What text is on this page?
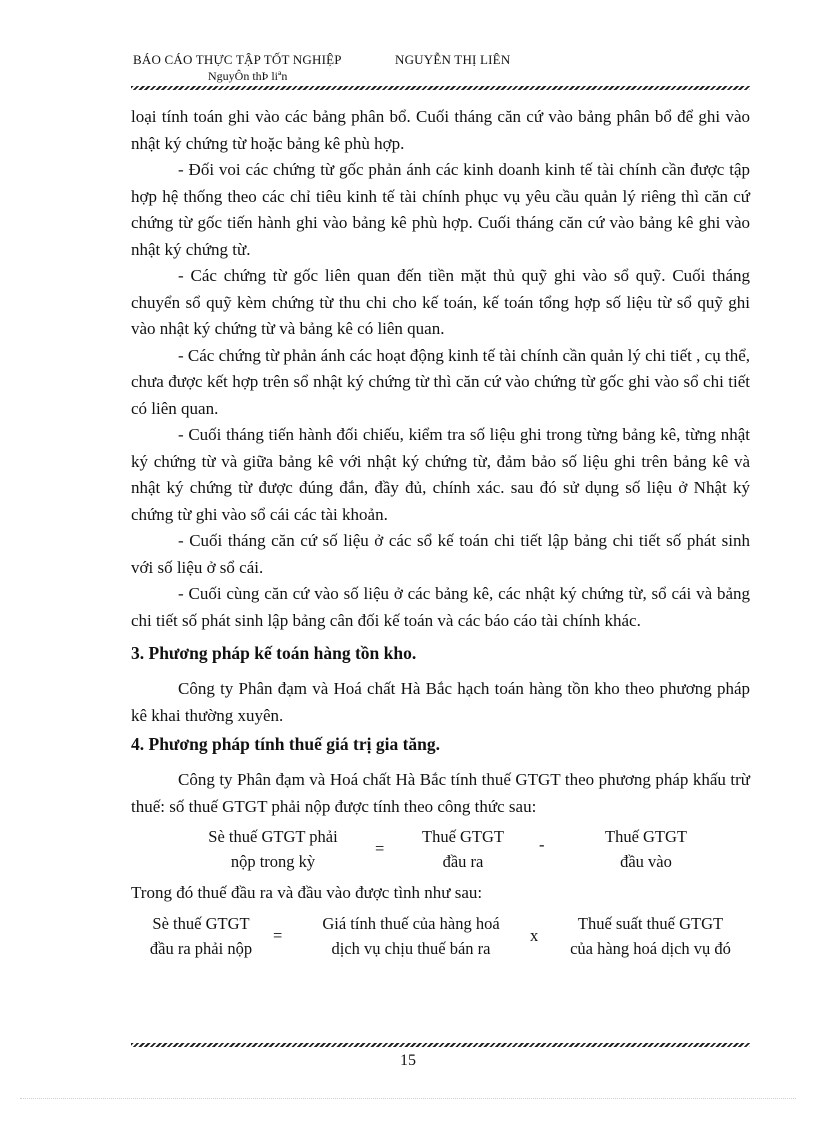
BÁO CÁO THỰC TẬP TỐT NGHIỆP	NGUYỄN THỊ LIÊN
NguyÔn thÞ liªn

loại tính toán ghi vào các bảng phân bổ. Cuối tháng căn cứ vào bảng phân bổ để ghi vào nhật ký chứng từ hoặc bảng kê phù hợp.

- Đối voi các chứng từ gốc phản ánh các kinh doanh kinh tế tài chính cần được tập hợp hệ thống theo các chỉ tiêu kinh tế tài chính phục vụ yêu cầu quản lý riêng thì căn cứ chứng từ gốc tiến hành ghi vào bảng kê phù hợp. Cuối tháng căn cứ vào bảng kê ghi vào nhật ký chứng từ.

- Các chứng từ gốc liên quan đến tiền mặt thủ quỹ ghi vào sổ quỹ. Cuối tháng chuyển sổ quỹ kèm chứng từ thu chi cho kế toán, kế toán tổng hợp số liệu từ sổ quỹ ghi vào nhật ký chứng từ và bảng kê có liên quan.

- Các chứng từ phản ánh các hoạt động kinh tế tài chính cần quản lý chi tiết , cụ thể, chưa được kết hợp trên sổ nhật ký chứng từ thì căn cứ vào chứng từ gốc ghi vào sổ chi tiết có liên quan.

- Cuối tháng tiến hành đối chiếu, kiểm tra số liệu ghi trong từng bảng kê, từng nhật ký chứng từ và giữa bảng kê với nhật ký chứng từ, đảm bảo số liệu ghi trên bảng kê và nhật ký chứng từ được đúng đắn, đầy đủ, chính xác. sau đó sử dụng số liệu ở Nhật ký chứng từ ghi vào sổ cái các tài khoản.

- Cuối tháng căn cứ số liệu ở các sổ kế toán chi tiết lập bảng chi tiết số phát sinh với số liệu ở sổ cái.

- Cuối cùng căn cứ vào số liệu ở các bảng kê, các nhật ký chứng từ, sổ cái và bảng chi tiết số phát sinh lập bảng cân đối kế toán và các báo cáo tài chính khác.

3. Phương pháp kế toán hàng tồn kho.

Công ty Phân đạm và Hoá chất Hà Bắc hạch toán hàng tồn kho theo phương pháp kê khai thường xuyên.

4. Phương pháp tính thuế giá trị gia tăng.

Công ty Phân đạm và Hoá chất Hà Bắc tính thuế GTGT theo phương pháp khấu trừ thuế: số thuế GTGT phải nộp được tính theo công thức sau:

Sè thuế GTGT phải
nộp trong kỳ
=
Thuế GTGT
đầu ra
-	Thuế GTGT
đầu vào

Trong đó thuế đầu ra và đầu vào được tình như sau:

Sè thuế GTGT
đầu ra phải nộp
=
Giá tính thuế của hàng hoá
dịch vụ chịu thuế bán ra
x
Thuế suất thuế GTGT
của hàng hoá dịch vụ đó
15
